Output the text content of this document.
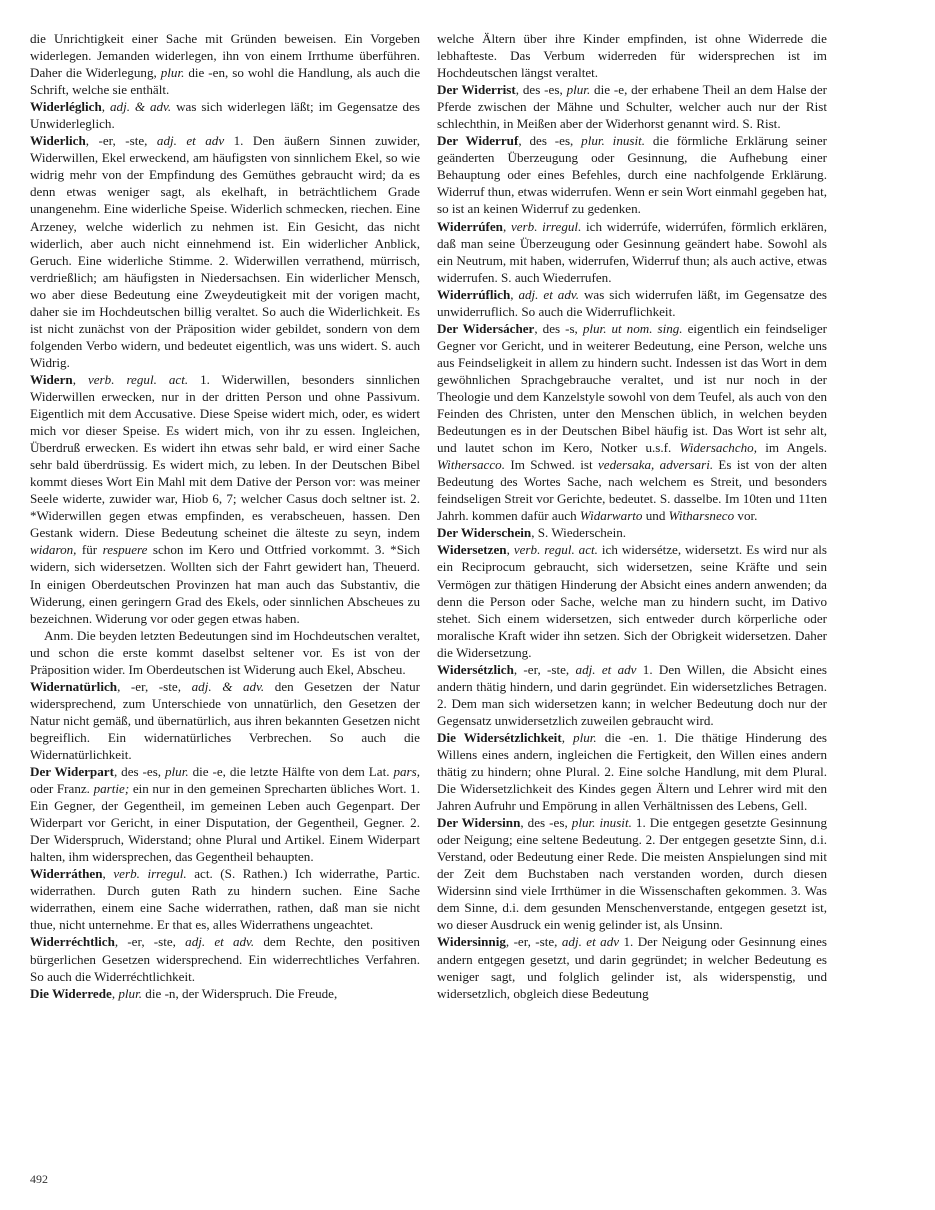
die Unrichtigkeit einer Sache mit Gründen beweisen. Ein Vorgeben widerlegen. Jemanden widerlegen, ihn von einem Irrthume überführen. Daher die Widerlegung, plur. die -en, so wohl die Handlung, als auch die Schrift, welche sie enthält.

Widerléglich, adj. & adv. was sich widerlegen läßt; im Gegensatze des Unwiderleglich.

Widerlich, -er, -ste, adj. et adv 1. Den äußern Sinnen zuwider, Widerwillen, Ekel erweckend, am häufigsten von sinnlichem Ekel, so wie widrig mehr von der Empfindung des Gemüthes gebraucht wird; da es denn etwas weniger sagt, als ekelhaft, in beträchtlichem Grade unangenehm. Eine widerliche Speise. Widerlich schmecken, riechen. Eine Arzeney, welche widerlich zu nehmen ist. Ein Gesicht, das nicht widerlich, aber auch nicht einnehmend ist. Ein widerlicher Anblick, Geruch. Eine widerliche Stimme. 2. Widerwillen verrathend, mürrisch, verdrießlich; am häufigsten in Niedersachsen. Ein widerlicher Mensch, wo aber diese Bedeutung eine Zweydeutigkeit mit der vorigen macht, daher sie im Hochdeutschen billig veraltet. So auch die Widerlichkeit. Es ist nicht zunächst von der Präposition wider gebildet, sondern von dem folgenden Verbo widern, und bedeutet eigentlich, was uns widert. S. auch Widrig.

Widern, verb. regul. act. 1. Widerwillen, besonders sinnlichen Widerwillen erwecken, nur in der dritten Person und ohne Passivum. Eigentlich mit dem Accusative. Diese Speise widert mich, oder, es widert mich vor dieser Speise. Es widert mich, von ihr zu essen. Ingleichen, Überdruß erwecken. Es widert ihn etwas sehr bald, er wird einer Sache sehr bald überdrüssig. Es widert mich, zu leben. In der Deutschen Bibel kommt dieses Wort Ein Mahl mit dem Dative der Person vor: was meiner Seele widerte, zuwider war, Hiob 6, 7; welcher Casus doch seltner ist. 2. *Widerwillen gegen etwas empfinden, es verabscheuen, hassen. Den Gestank widern. Diese Bedeutung scheinet die älteste zu seyn, indem widaron, für respuere schon im Kero und Ottfried vorkommt. 3. *Sich widern, sich widersetzen. Wollten sich der Fahrt gewidert han, Theuerd. In einigen Oberdeutschen Provinzen hat man auch das Substantiv, die Widerung, einen geringern Grad des Ekels, oder sinnlichen Abscheues zu bezeichnen. Widerung vor oder gegen etwas haben.

Anm. Die beyden letzten Bedeutungen sind im Hochdeutschen veraltet, und schon die erste kommt daselbst seltener vor. Es ist von der Präposition wider. Im Oberdeutschen ist Widerung auch Ekel, Abscheu.

Widernatürlich, -er, -ste, adj. & adv. den Gesetzen der Natur widersprechend, zum Unterschiede von unnatürlich, den Gesetzen der Natur nicht gemäß, und übernatürlich, aus ihren bekannten Gesetzen nicht begreiflich. Ein widernatürliches Verbrechen. So auch die Widernatürlichkeit.

Der Widerpart, des -es, plur. die -e, die letzte Hälfte von dem Lat. pars, oder Franz. partie; ein nur in den gemeinen Sprecharten übliches Wort. 1. Ein Gegner, der Gegentheil, im gemeinen Leben auch Gegenpart. Der Widerpart vor Gericht, in einer Disputation, der Gegentheil, Gegner. 2. Der Widerspruch, Widerstand; ohne Plural und Artikel. Einem Widerpart halten, ihm widersprechen, das Gegentheil behaupten.

Widerráthen, verb. irregul. act. (S. Rathen.) Ich widerrathe, Partic. widerrathen. Durch guten Rath zu hindern suchen. Eine Sache widerrathen, einem eine Sache widerrathen, rathen, daß man sie nicht thue, nicht unternehme. Er that es, alles Widerrathens ungeachtet.

Widerréchtlich, -er, -ste, adj. et adv. dem Rechte, den positiven bürgerlichen Gesetzen widersprechend. Ein widerrechtliches Verfahren. So auch die Widerréchtlichkeit.

Die Widerrede, plur. die -n, der Widerspruch. Die Freude,

welche Ältern über ihre Kinder empfinden, ist ohne Widerrede die lebhafteste. Das Verbum widerreden für widersprechen ist im Hochdeutschen längst veraltet.

Der Widerrist, des -es, plur. die -e, der erhabene Theil an dem Halse der Pferde zwischen der Mähne und Schulter, welcher auch nur der Rist schlechthin, in Meißen aber der Widerhorst genannt wird. S. Rist.

Der Widerruf, des -es, plur. inusit. die förmliche Erklärung seiner geänderten Überzeugung oder Gesinnung, die Aufhebung einer Behauptung oder eines Befehles, durch eine nachfolgende Erklärung. Widerruf thun, etwas widerrufen. Wenn er sein Wort einmahl gegeben hat, so ist an keinen Widerruf zu gedenken.

Widerrúfen, verb. irregul. ich widerrúfe, widerrúfen, förmlich erklären, daß man seine Überzeugung oder Gesinnung geändert habe. Sowohl als ein Neutrum, mit haben, widerrufen, Widerruf thun; als auch active, etwas widerrufen. S. auch Wiederrufen.

Widerrúflich, adj. et adv. was sich widerrufen läßt, im Gegensatze des unwiderruflich. So auch die Widerruflichkeit.

Der Widersácher, des -s, plur. ut nom. sing. eigentlich ein feindseliger Gegner vor Gericht, und in weiterer Bedeutung, eine Person, welche uns aus Feindseligkeit in allem zu hindern sucht. Indessen ist das Wort in dem gewöhnlichen Sprachgebrauche veraltet, und ist nur noch in der Theologie und dem Kanzelstyle sowohl von dem Teufel, als auch von den Feinden des Christen, unter den Menschen üblich, in welchen beyden Bedeutungen es in der Deutschen Bibel häufig ist. Das Wort ist sehr alt, und lautet schon im Kero, Notker u.s.f. Widersachcho, im Angels. Withersacco. Im Schwed. ist vedersaka, adversari. Es ist von der alten Bedeutung des Wortes Sache, nach welchem es Streit, und besonders feindseligen Streit vor Gerichte, bedeutet. S. dasselbe. Im 10ten und 11ten Jahrh. kommen dafür auch Widarwarto und Witharsneco vor.

Der Widerschein, S. Wiederschein.

Widersetzen, verb. regul. act. ich widersétze, widersetzt. Es wird nur als ein Reciprocum gebraucht, sich widersetzen, seine Kräfte und sein Vermögen zur thätigen Hinderung der Absicht eines andern anwenden; da denn die Person oder Sache, welche man zu hindern sucht, im Dativo stehet. Sich einem widersetzen, sich entweder durch körperliche oder moralische Kraft wider ihn setzen. Sich der Obrigkeit widersetzen. Daher die Widersetzung.

Widersétzlich, -er, -ste, adj. et adv 1. Den Willen, die Absicht eines andern thätig hindern, und darin gegründet. Ein widersetzliches Betragen. 2. Dem man sich widersetzen kann; in welcher Bedeutung doch nur der Gegensatz unwidersetzlich zuweilen gebraucht wird.

Die Widersétzlichkeit, plur. die -en. 1. Die thätige Hinderung des Willens eines andern, ingleichen die Fertigkeit, den Willen eines andern thätig zu hindern; ohne Plural. 2. Eine solche Handlung, mit dem Plural. Die Widersetzlichkeit des Kindes gegen Ältern und Lehrer wird mit den Jahren Aufruhr und Empörung in allen Verhältnissen des Lebens, Gell.

Der Widersinn, des -es, plur. inusit. 1. Die entgegen gesetzte Gesinnung oder Neigung; eine seltene Bedeutung. 2. Der entgegen gesetzte Sinn, d.i. Verstand, oder Bedeutung einer Rede. Die meisten Anspielungen sind mit der Zeit dem Buchstaben nach verstanden worden, durch diesen Widersinn sind viele Irrthümer in die Wissenschaften gekommen. 3. Was dem Sinne, d.i. dem gesunden Menschenverstande, entgegen gesetzt ist, wo dieser Ausdruck ein wenig gelinder ist, als Unsinn.

Widersinnig, -er, -ste, adj. et adv 1. Der Neigung oder Gesinnung eines andern entgegen gesetzt, und darin gegründet; in welcher Bedeutung es weniger sagt, und folglich gelinder ist, als widerspenstig, und widersetzlich, obgleich diese Bedeutung

492
